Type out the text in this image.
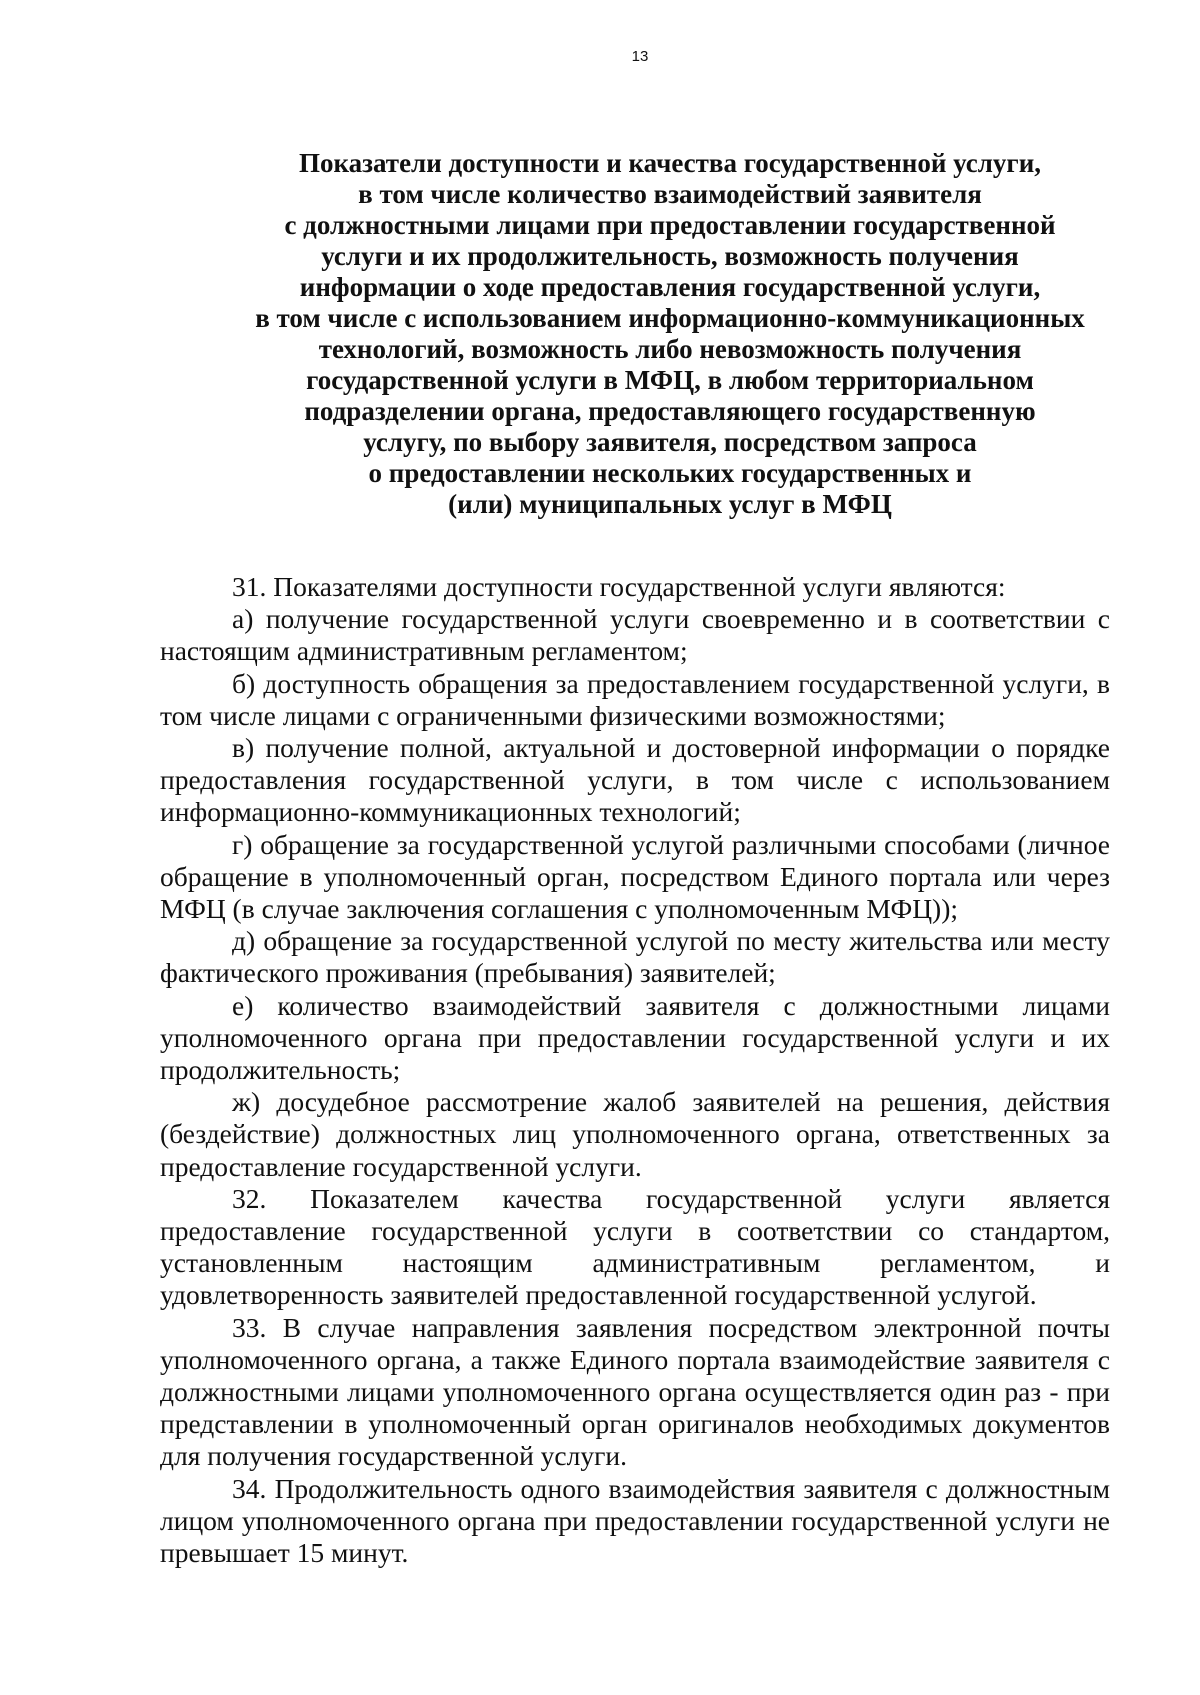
13
Показатели доступности и качества государственной услуги,
в том числе количество взаимодействий заявителя
с должностными лицами при предоставлении государственной
услуги и их продолжительность, возможность получения
информации о ходе предоставления государственной услуги,
в том числе с использованием информационно-коммуникационных
технологий, возможность либо невозможность получения
государственной услуги в МФЦ, в любом территориальном
подразделении органа, предоставляющего государственную
услугу, по выбору заявителя, посредством запроса
о предоставлении нескольких государственных и
(или) муниципальных услуг в МФЦ

31. Показателями доступности государственной услуги являются:

а) получение государственной услуги своевременно и в соответствии с настоящим административным регламентом;

б) доступность обращения за предоставлением государственной услуги, в том числе лицами с ограниченными физическими возможностями;

в) получение полной, актуальной и достоверной информации о порядке предоставления государственной услуги, в том числе с использованием информационно-коммуникационных технологий;

г) обращение за государственной услугой различными способами (личное обращение в уполномоченный орган, посредством Единого портала или через МФЦ (в случае заключения соглашения с уполномоченным МФЦ));

д) обращение за государственной услугой по месту жительства или месту фактического проживания (пребывания) заявителей;

е) количество взаимодействий заявителя с должностными лицами уполномоченного органа при предоставлении государственной услуги и их продолжительность;

ж) досудебное рассмотрение жалоб заявителей на решения, действия (бездействие) должностных лиц уполномоченного органа, ответственных за предоставление государственной услуги.

32. Показателем качества государственной услуги является предоставление государственной услуги в соответствии со стандартом, установленным настоящим административным регламентом, и удовлетворенность заявителей предоставленной государственной услугой.

33. В случае направления заявления посредством электронной почты уполномоченного органа, а также Единого портала взаимодействие заявителя с должностными лицами уполномоченного органа осуществляется один раз - при представлении в уполномоченный орган оригиналов необходимых документов для получения государственной услуги.

34. Продолжительность одного взаимодействия заявителя с должностным лицом уполномоченного органа при предоставлении государственной услуги не превышает 15 минут.
